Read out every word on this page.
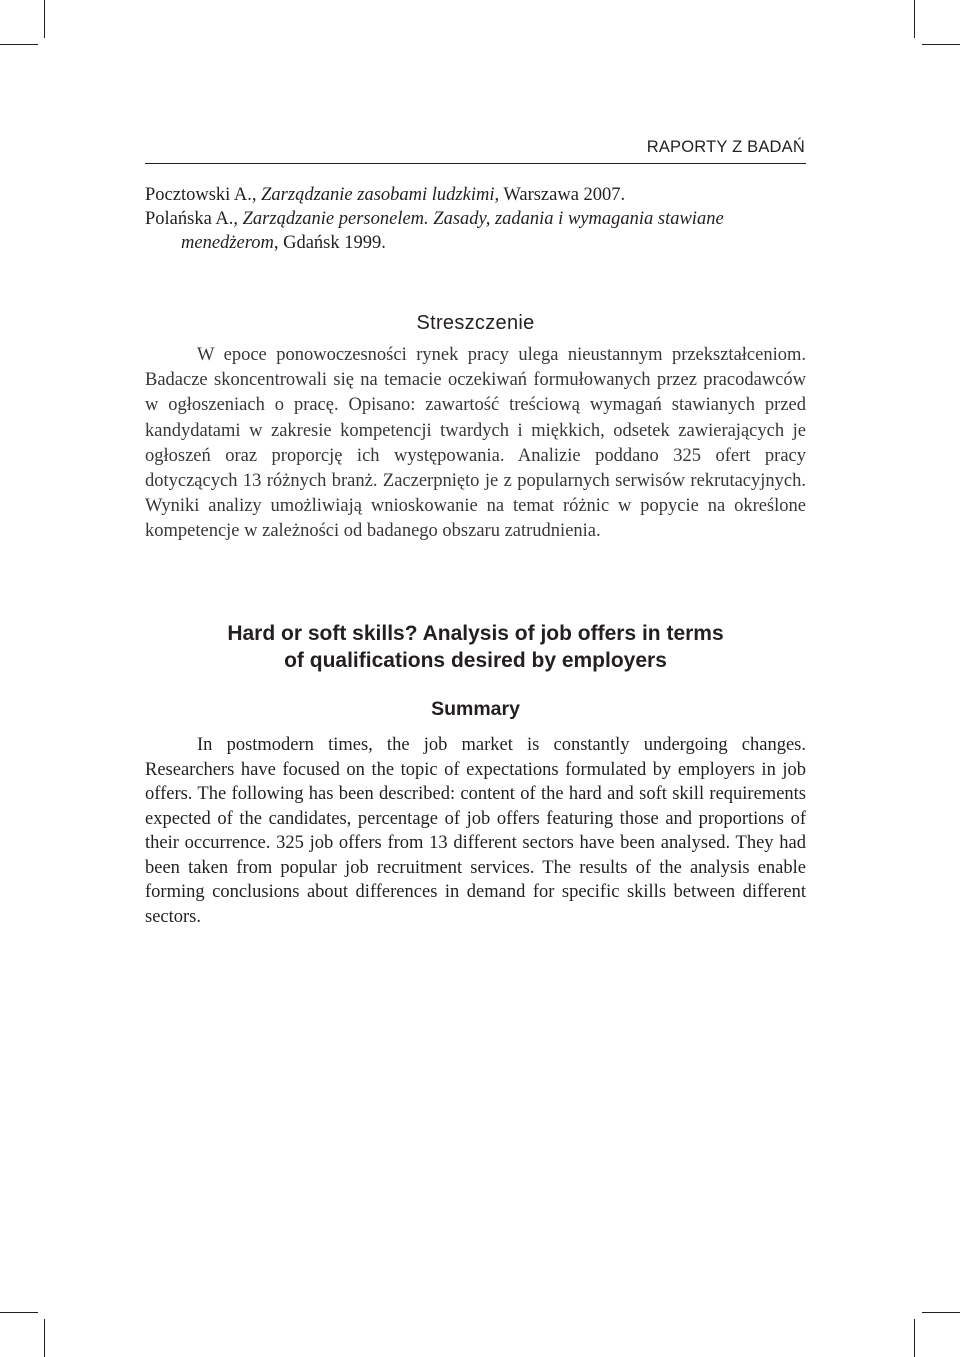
RAPORTY Z BADAŃ

Pocztowski A., Zarządzanie zasobami ludzkimi, Warszawa 2007.

Polańska A., Zarządzanie personelem. Zasady, zadania i wymagania stawiane
menedżerom, Gdańsk 1999.

Streszczenie

W epoce ponowoczesności rynek pracy ulega nieustannym przekształceniom. Badacze skoncentrowali się na temacie oczekiwań formułowanych przez pracodawców w ogłoszeniach o pracę. Opisano: zawartość treściową wymagań stawianych przed kandydatami w zakresie kompetencji twardych i miękkich, odsetek zawierających je ogłoszeń oraz proporcję ich występowania. Analizie poddano 325 ofert pracy dotyczących 13 różnych branż. Zaczerpnięto je z popularnych serwisów rekrutacyjnych. Wyniki analizy umożliwiają wnioskowanie na temat różnic w popycie na określone kompetencje w zależności od badanego obszaru zatrudnienia.

Hard or soft skills? Analysis of job offers in terms
of qualifications desired by employers
Summary

In postmodern times, the job market is constantly undergoing changes. Researchers have focused on the topic of expectations formulated by employers in job offers. The following has been described: content of the hard and soft skill requirements expected of the candidates, percentage of job offers featuring those and proportions of their occurrence. 325 job offers from 13 different sectors have been analysed. They had been taken from popular job recruitment services. The results of the analysis enable forming conclusions about differences in demand for specific skills between different sectors.
